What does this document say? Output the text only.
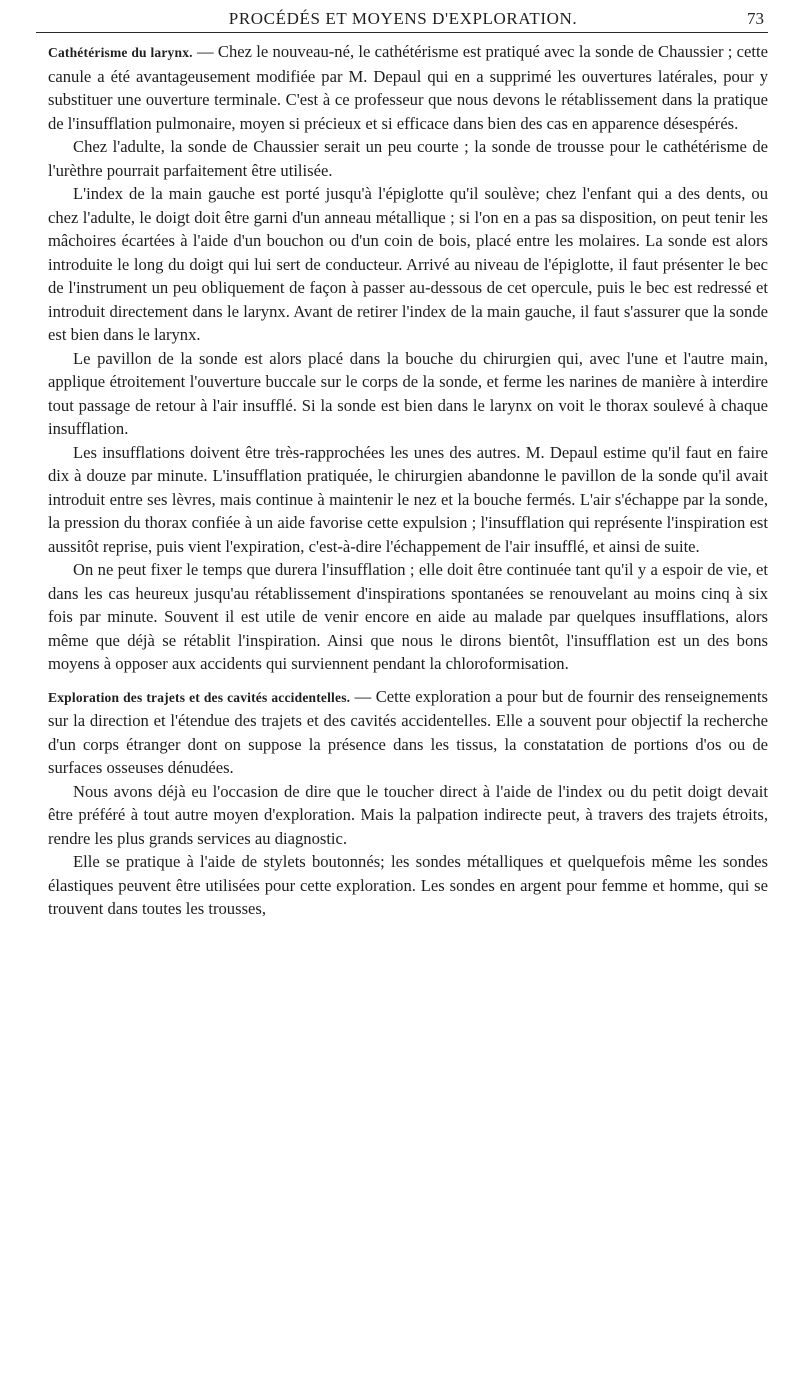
PROCÉDÉS ET MOYENS D'EXPLORATION.	73

Cathétérisme du larynx. — Chez le nouveau-né, le cathétérisme est pratiqué avec la sonde de Chaussier ; cette canule a été avantageusement modifiée par M. Depaul qui en a supprimé les ouvertures latérales, pour y substituer une ouverture terminale. C'est à ce professeur que nous devons le rétablissement dans la pratique de l'insufflation pulmonaire, moyen si précieux et si efficace dans bien des cas en apparence désespérés.

Chez l'adulte, la sonde de Chaussier serait un peu courte ; la sonde de trousse pour le cathétérisme de l'urèthre pourrait parfaitement être utilisée.

L'index de la main gauche est porté jusqu'à l'épiglotte qu'il soulève; chez l'enfant qui a des dents, ou chez l'adulte, le doigt doit être garni d'un anneau métallique ; si l'on en a pas sa disposition, on peut tenir les mâchoires écartées à l'aide d'un bouchon ou d'un coin de bois, placé entre les molaires. La sonde est alors introduite le long du doigt qui lui sert de conducteur. Arrivé au niveau de l'épiglotte, il faut présenter le bec de l'instrument un peu obliquement de façon à passer au-dessous de cet opercule, puis le bec est redressé et introduit directement dans le larynx. Avant de retirer l'index de la main gauche, il faut s'assurer que la sonde est bien dans le larynx.

Le pavillon de la sonde est alors placé dans la bouche du chirurgien qui, avec l'une et l'autre main, applique étroitement l'ouverture buccale sur le corps de la sonde, et ferme les narines de manière à interdire tout passage de retour à l'air insufflé. Si la sonde est bien dans le larynx on voit le thorax soulevé à chaque insufflation.

Les insufflations doivent être très-rapprochées les unes des autres. M. Depaul estime qu'il faut en faire dix à douze par minute. L'insufflation pratiquée, le chirurgien abandonne le pavillon de la sonde qu'il avait introduit entre ses lèvres, mais continue à maintenir le nez et la bouche fermés. L'air s'échappe par la sonde, la pression du thorax confiée à un aide favorise cette expulsion ; l'insufflation qui représente l'inspiration est aussitôt reprise, puis vient l'expiration, c'est-à-dire l'échappement de l'air insufflé, et ainsi de suite.

On ne peut fixer le temps que durera l'insufflation ; elle doit être continuée tant qu'il y a espoir de vie, et dans les cas heureux jusqu'au rétablissement d'inspirations spontanées se renouvelant au moins cinq à six fois par minute. Souvent il est utile de venir encore en aide au malade par quelques insufflations, alors même que déjà se rétablit l'inspiration. Ainsi que nous le dirons bientôt, l'insufflation est un des bons moyens à opposer aux accidents qui surviennent pendant la chloroformisation.

Exploration des trajets et des cavités accidentelles. — Cette exploration a pour but de fournir des renseignements sur la direction et l'étendue des trajets et des cavités accidentelles. Elle a souvent pour objectif la recherche d'un corps étranger dont on suppose la présence dans les tissus, la constatation de portions d'os ou de surfaces osseuses dénudées.

Nous avons déjà eu l'occasion de dire que le toucher direct à l'aide de l'index ou du petit doigt devait être préféré à tout autre moyen d'exploration. Mais la palpation indirecte peut, à travers des trajets étroits, rendre les plus grands services au diagnostic.

Elle se pratique à l'aide de stylets boutonnés; les sondes métalliques et quelquefois même les sondes élastiques peuvent être utilisées pour cette exploration. Les sondes en argent pour femme et homme, qui se trouvent dans toutes les trousses,
